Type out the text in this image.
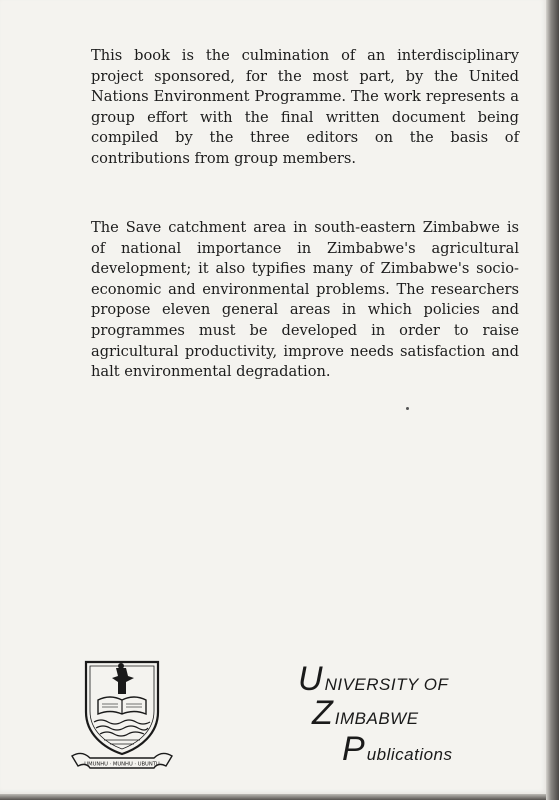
This book is the culmination of an interdisciplinary project sponsored, for the most part, by the United Nations Environment Programme. The work represents a group effort with the final written document being compiled by the three editors on the basis of contributions from group members.

The Save catchment area in south-eastern Zimbabwe is of national importance in Zimbabwe's agricultural development; it also typifies many of Zimbabwe's socio-economic and environmental problems. The researchers propose eleven general areas in which policies and programmes must be developed in order to raise agricultural productivity, improve needs satisfaction and halt environmental degradation.

UMUNHU · MUNHU · UBUNTU
UNIVERSITY OF
ZIMBABWE
Publications
